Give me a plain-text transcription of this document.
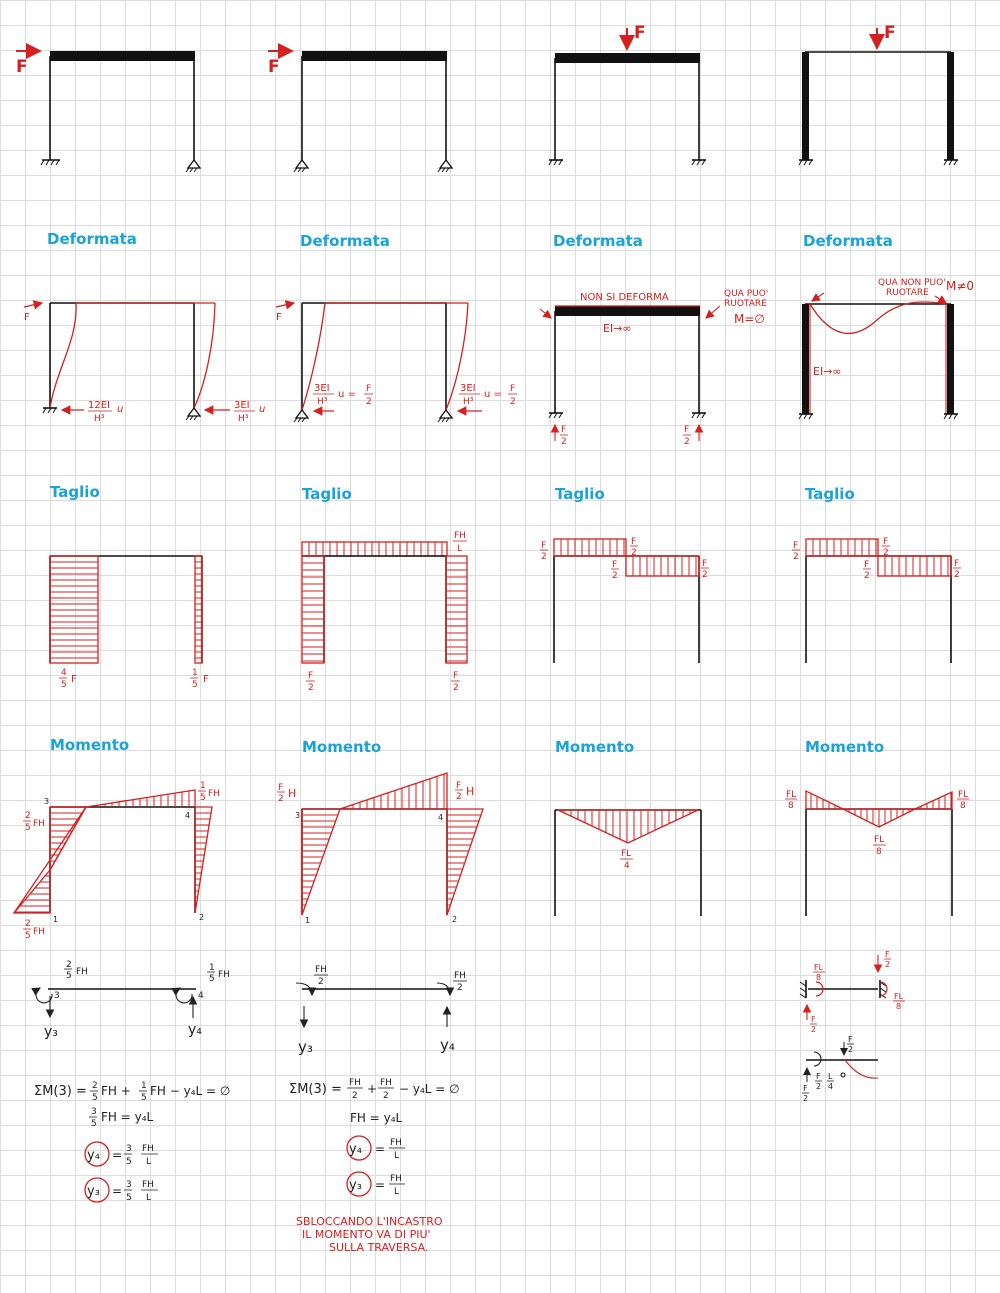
F	F
F	F
Deformata	Deformata	Deformata	Deformata
F
12EI
H³
u	3EI
H³
u
F
3EI
H³
u = F
2
3EI
H³
u = F
2
NON SI DEFORMA	QUA PUO'
RUOTARE
M=∅
EI→∞
F
2
F
2
QUA NON PUO'
RUOTARE M≠0
EI→∞
Taglio	Taglio	Taglio	Taglio
4
5 F
1
5 F
FH
L
F
2
F
2
F
2
F
2
F
2
F
2
F
2
F
2
F
2
F
2
Momento	Momento	Momento	Momento
3
4
1	2
2
5 FH
2
5 FH
1
5 FH
3	4
1	2
F
2 H
F
2 H
FL
4
FL
8
FL
8
FL
8
2
5 FH	1
5 FH
3	4
y₃	y₄
FH
2
FH
2
y₃	y₄
FL
8
FL
8
F
2
F
2
F
2
F
2
L
4
F
2
ΣM(3) = 2
5 FH + 1
5 FH − y₄L = ∅
3
5 FH = y₄L
y₄ = 3
5
FH
L
y₃ = 3
5
FH
L
ΣM(3) = FH
2 + FH
2 − y₄L = ∅
FH = y₄L
y₄ = FH
L
y₃ = FH
L
SBLOCCANDO L'INCASTRO
IL MOMENTO VA DI PIU'
SULLA TRAVERSA.
